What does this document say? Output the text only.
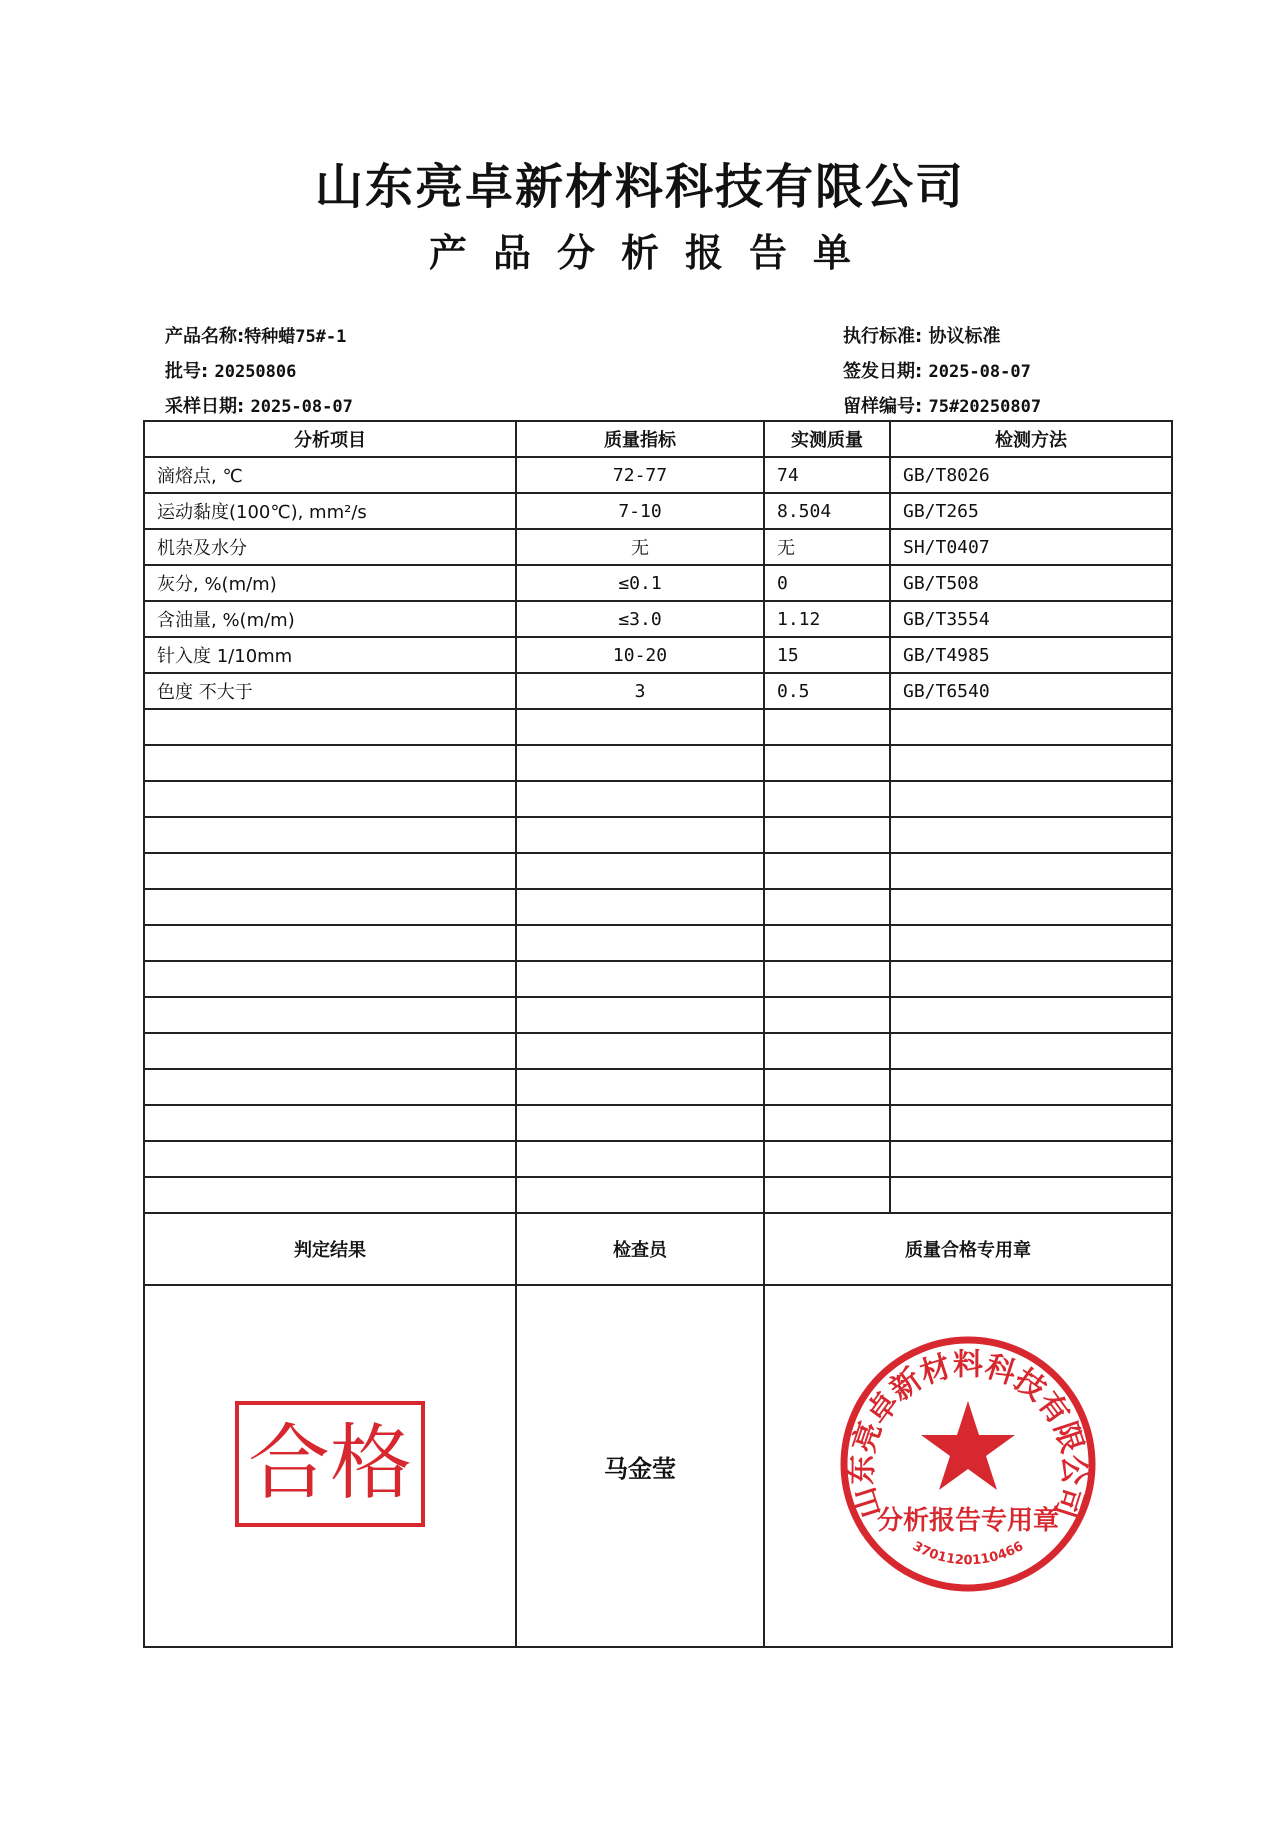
山东亮卓新材料科技有限公司
产品分析报告单
产品名称:特种蜡75#-1
批号: 20250806
采样日期: 2025-08-07
执行标准: 协议标准
签发日期: 2025-08-07
留样编号: 75#20250807
分析项目	质量指标	实测质量	检测方法
滴熔点, ℃	72-77	74	GB/T8026
运动黏度(100℃), mm²/s	7-10	8.504	GB/T265
机杂及水分	无	无	SH/T0407
灰分, %(m/m)	≤0.1	0	GB/T508
含油量, %(m/m)	≤3.0	1.12	GB/T3554
针入度 1/10mm	10-20	15	GB/T4985
色度 不大于	3	0.5	GB/T6540

判定结果	检查员	质量合格专用章	

合格	马金莹	山东亮卓新材料科技有限公司
分析报告专用章
3701120110466	
